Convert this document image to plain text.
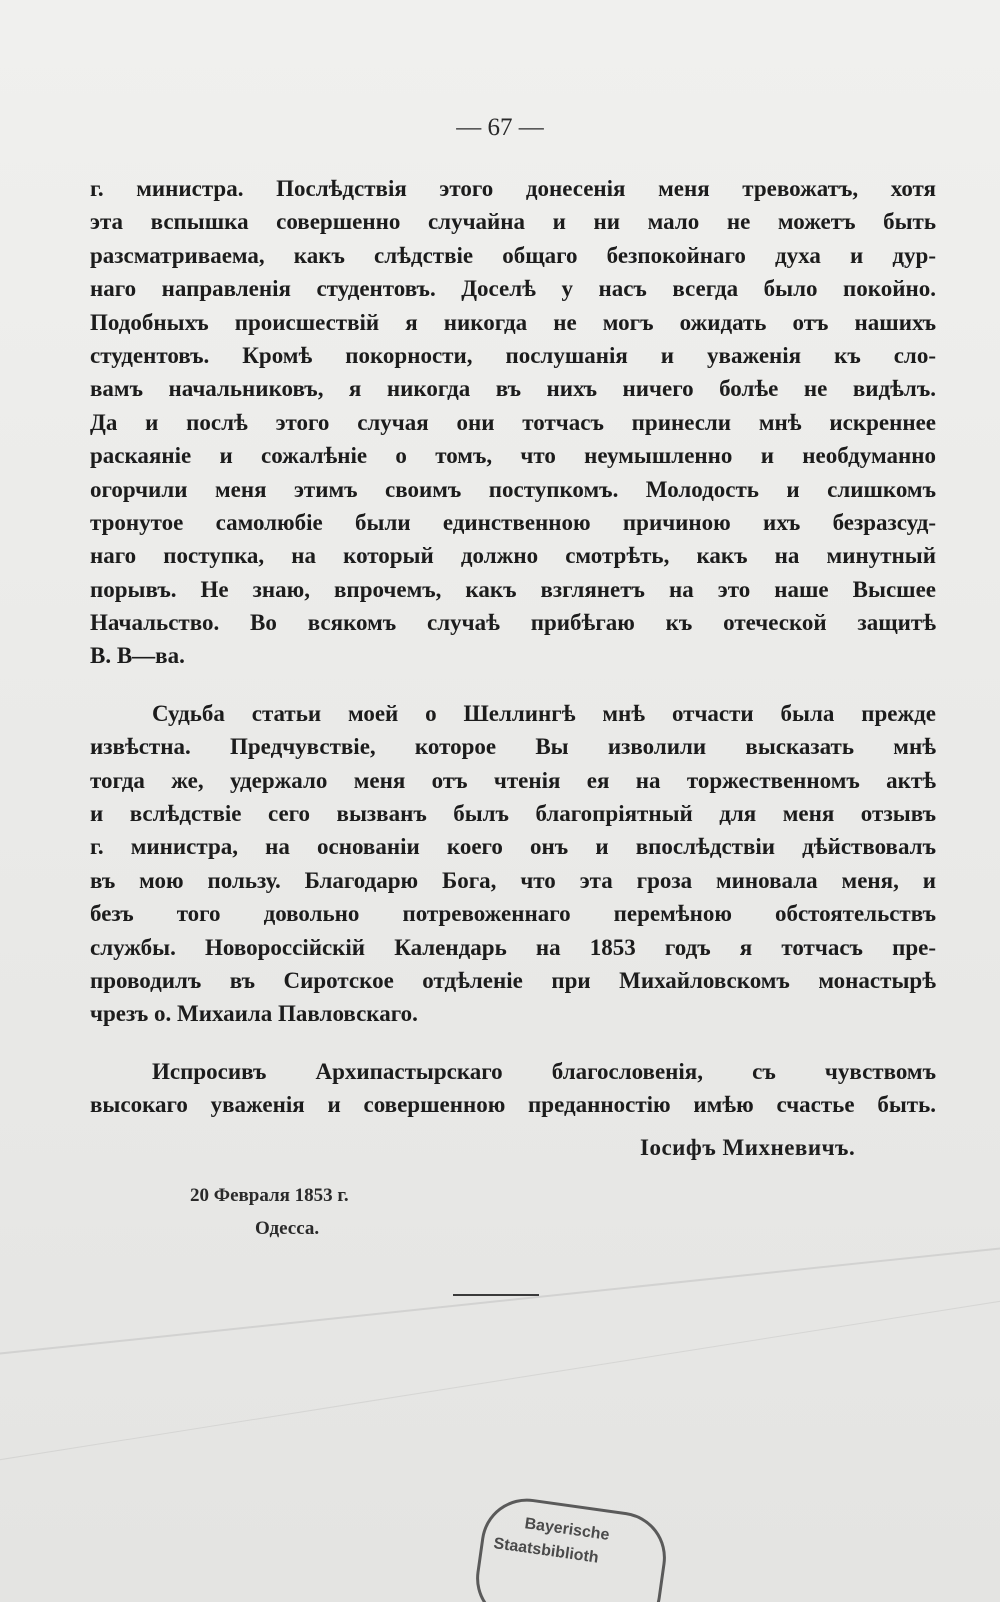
— 67 —
г. министра. Послѣдствія этого донесенія меня тревожатъ, хотя
эта вспышка совершенно случайна и ни мало не можетъ быть
разсматриваема, какъ слѣдствіе общаго безпокойнаго духа и дур-
наго направленія студентовъ. Доселѣ у насъ всегда было покойно.
Подобныхъ происшествій я никогда не могъ ожидать отъ нашихъ
студентовъ. Кромѣ покорности, послушанія и уваженія къ сло-
вамъ начальниковъ, я никогда въ нихъ ничего болѣе не видѣлъ.
Да и послѣ этого случая они тотчасъ принесли мнѣ искреннее
раскаяніе и сожалѣніе о томъ, что неумышленно и необдуманно
огорчили меня этимъ своимъ поступкомъ. Молодость и слишкомъ
тронутое самолюбіе были единственною причиною ихъ безразсуд-
наго поступка, на который должно смотрѣть, какъ на минутный
порывъ. Не знаю, впрочемъ, какъ взглянетъ на это наше Высшее
Начальство. Во всякомъ случаѣ прибѣгаю къ отеческой защитѣ
В. В—ва.
Судьба статьи моей о Шеллингѣ мнѣ отчасти была прежде
извѣстна. Предчувствіе, которое Вы изволили высказать мнѣ
тогда же, удержало меня отъ чтенія ея на торжественномъ актѣ
и вслѣдствіе сего вызванъ былъ благопріятный для меня отзывъ
г. министра, на основаніи коего онъ и впослѣдствіи дѣйствовалъ
въ мою пользу. Благодарю Бога, что эта гроза миновала меня, и
безъ того довольно потревоженнаго перемѣною обстоятельствъ
службы. Новороссійскій Календарь на 1853 годъ я тотчасъ пре-
проводилъ въ Сиротское отдѣленіе при Михайловскомъ монастырѣ
чрезъ о. Михаила Павловскаго.
Испросивъ Архипастырскаго благословенія, съ чувствомъ
высокаго уваженія и совершенною преданностію имѣю счастье быть.
Іосифъ Михневичъ.
20 Февраля 1853 г.
Одесса.
Bayerische
Staatsbiblioth
